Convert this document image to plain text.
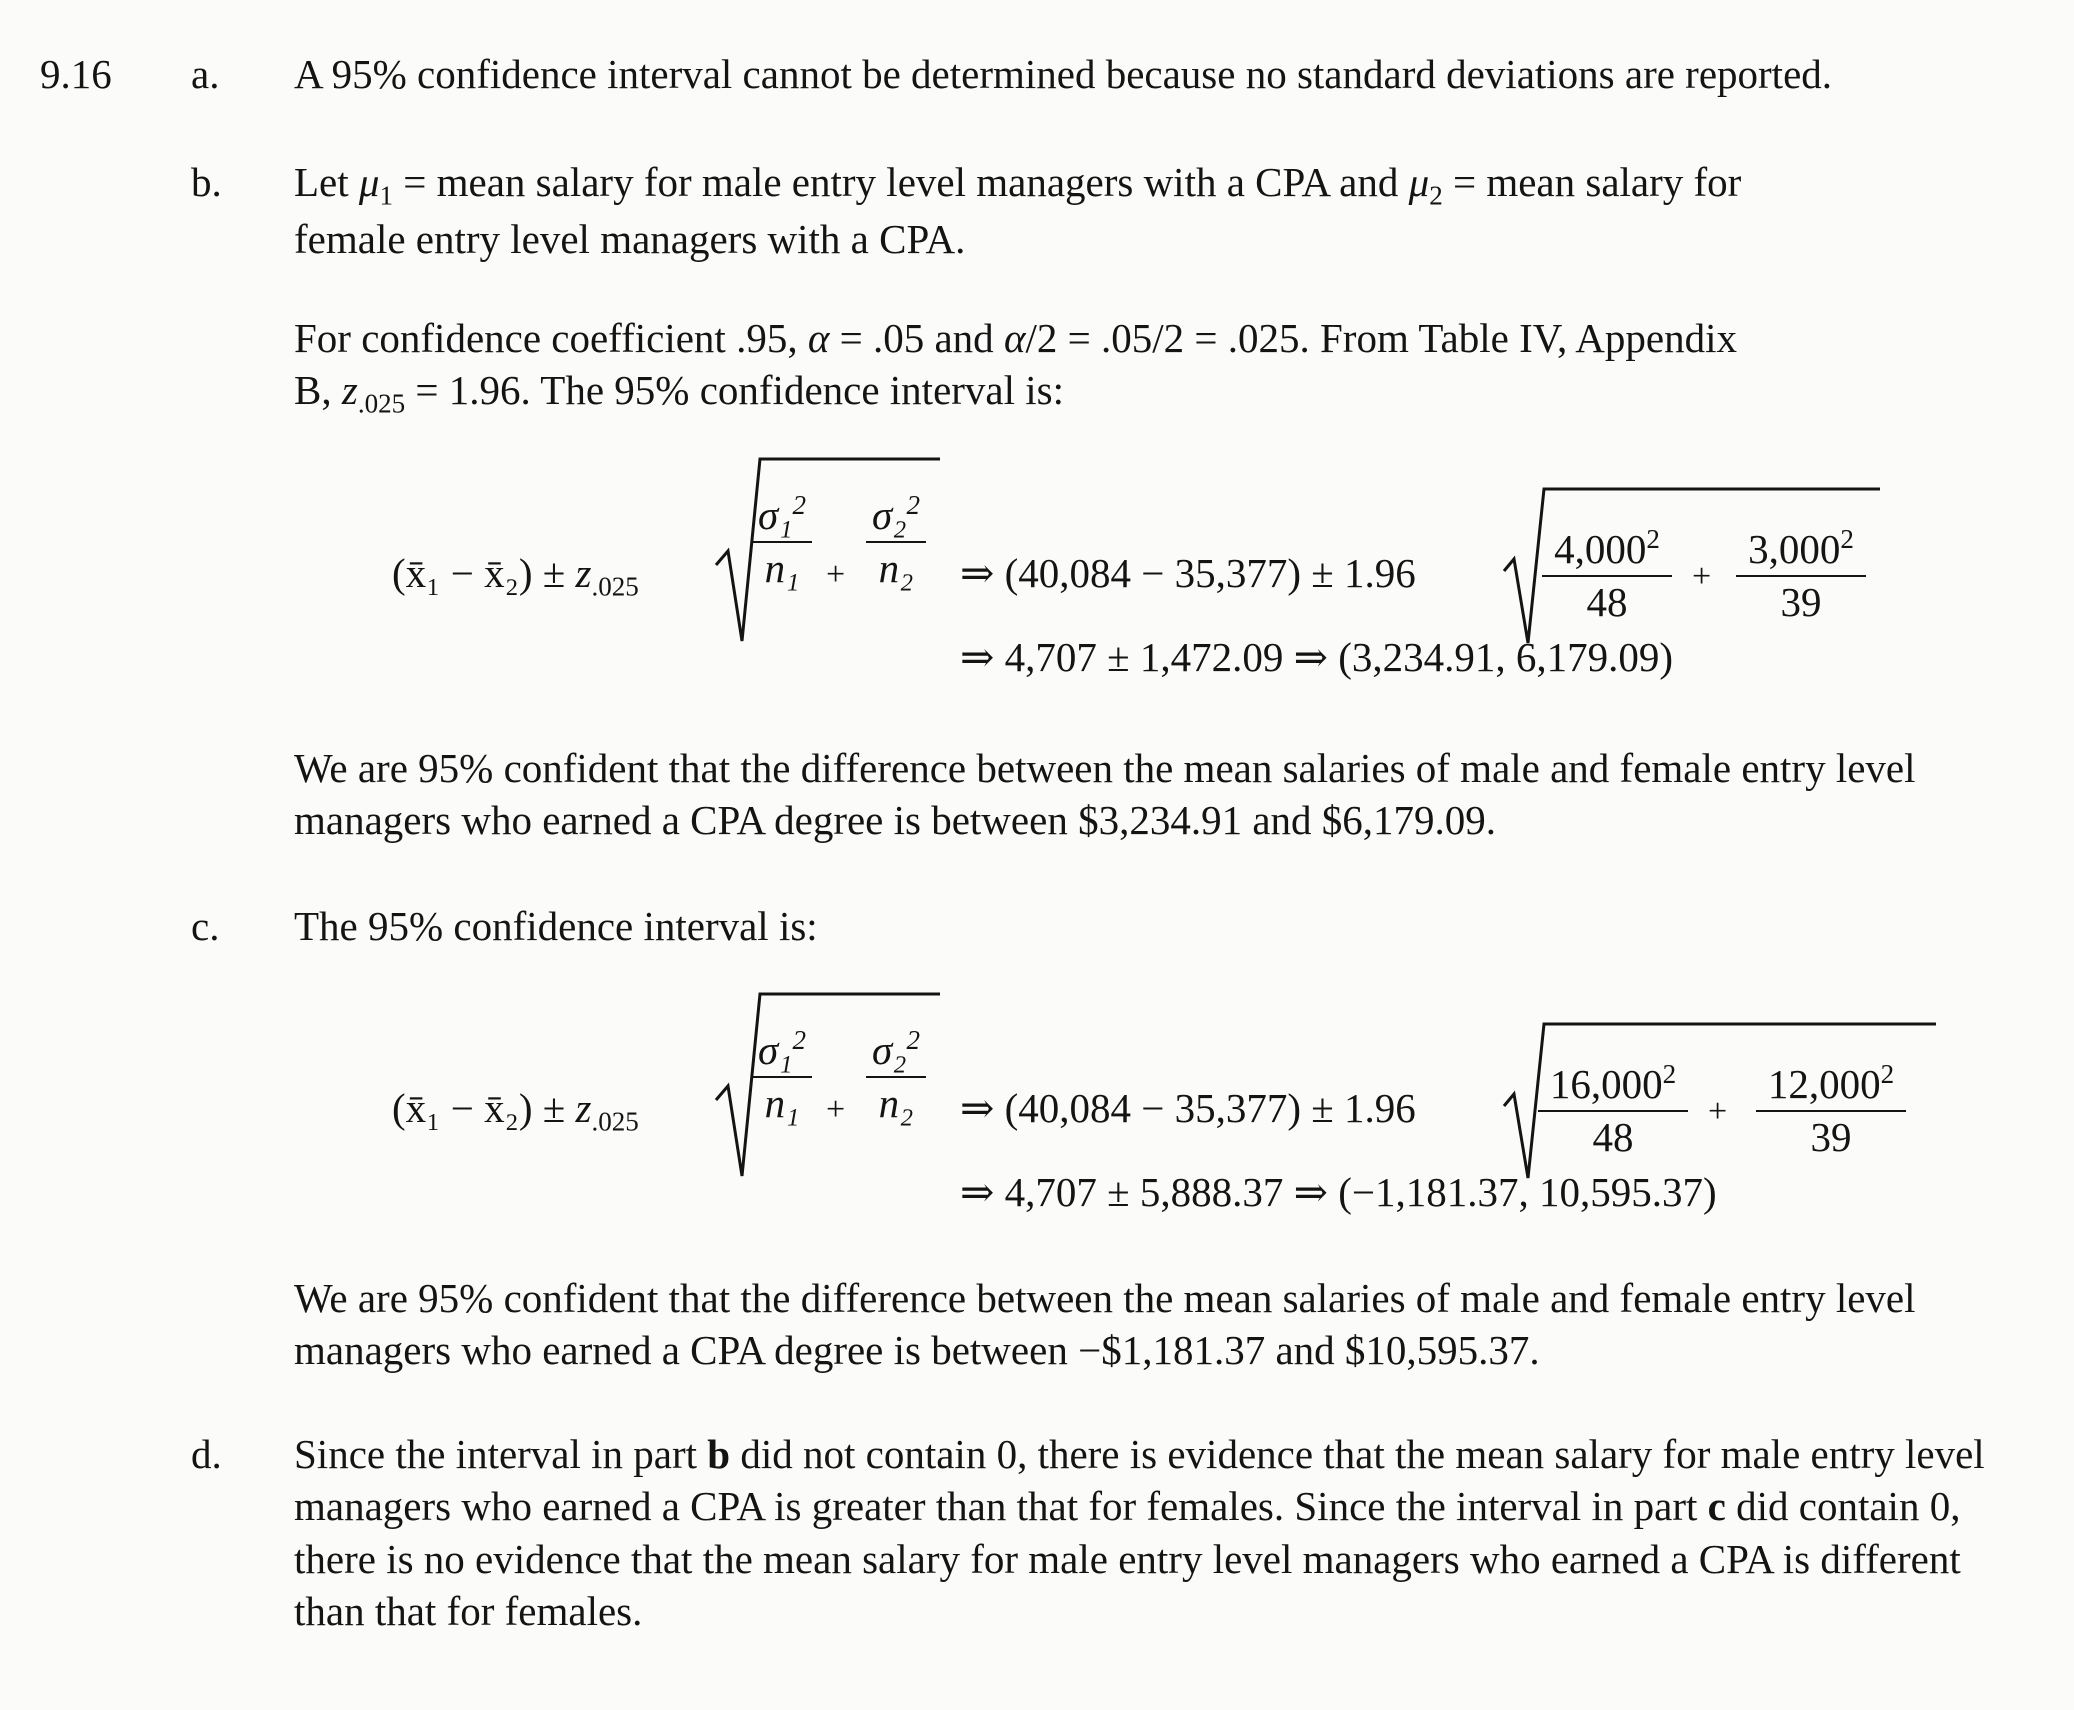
9.16 a.	A 95% confidence interval cannot be determined because no standard deviations are reported.
b.	Let $\mu_1$ = mean salary for male entry level managers with a CPA and $\mu_2$ = mean salary for
female entry level managers with a CPA.
For confidence coefficient .95, α = .05 and α/2 = .05/2 = .025. From Table IV, Appendix
B, $z_{.025} = 1.96$. The 95% confidence interval is:
(x̄₁ − x̄₂) ± $z_{.025}$
σ₁$^2$
n₁ +
σ₂$^2$
n₂	⇒ (40,084 − 35,377) ± 1.96
4,000$^2$
48
+
$3,000^2$
39
⇒ 4,707 ± 1,472.09 ⇒ (3,234.91, 6,179.09)
We are 95% confident that the difference between the mean salaries of male and female entry level managers who earned a CPA degree is between $3,234.91 and $6,179.09.
c.	The 95% confidence interval is:
(x̄₁ − x̄₂) ± $z_{.025}$
σ₁$^2$
n₁ +
σ₂$^2$
n₂	⇒ (40,084 − 35,377) ± 1.96
16,000$^2$
48
+
$12,000^2$
39
⇒ 4,707 ± 5,888.37 ⇒ (−1,181.37, 10,595.37)
We are 95% confident that the difference between the mean salaries of male and female entry level managers who earned a CPA degree is between −$1,181.37 and $10,595.37.
d.	Since the interval in part b did not contain 0, there is evidence that the mean salary for male entry level managers who earned a CPA is greater than that for females. Since the interval in part c did contain 0, there is no evidence that the mean salary for male entry level managers who earned a CPA is different than that for females.
